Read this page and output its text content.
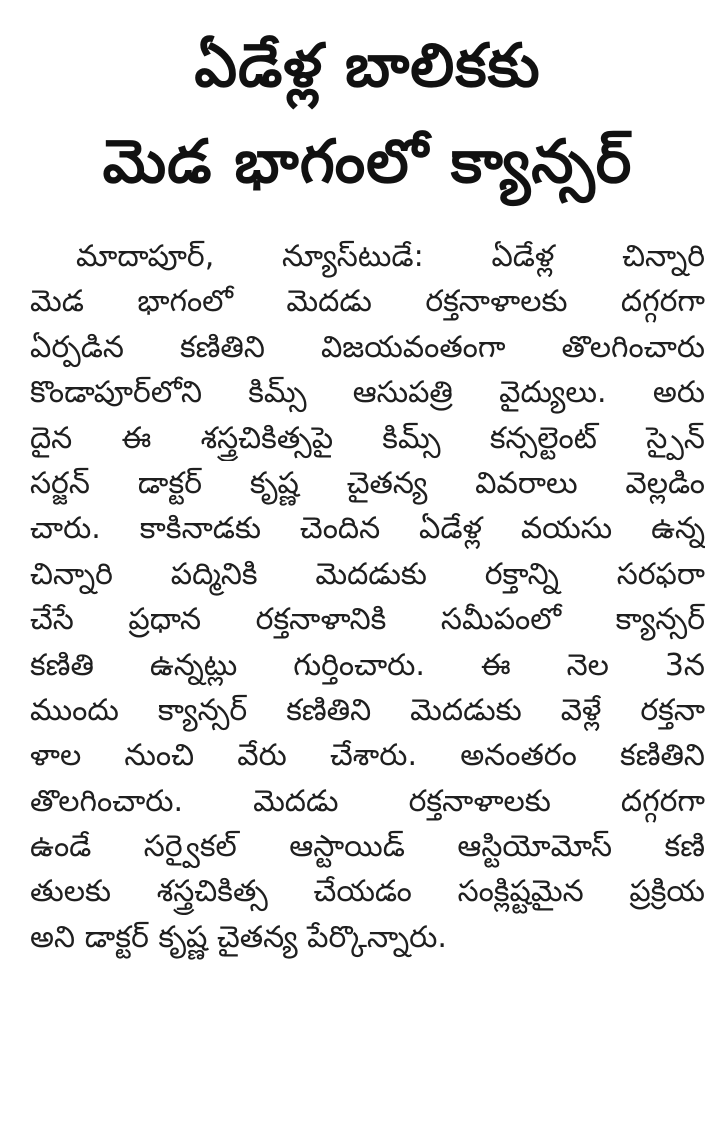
ఏడేళ్ల బాలికకు
మెడ భాగంలో క్యాన్సర్
మాదాపూర్, న్యూస్‌టుడే: ఏడేళ్ల చిన్నారి
మెడ భాగంలో మెదడు రక్తనాళాలకు దగ్గరగా
ఏర్పడిన కణితిని విజయవంతంగా తొలగించారు
కొండాపూర్‌లోని కిమ్స్ ఆసుపత్రి వైద్యులు. అరు
దైన ఈ శస్త్రచికిత్సపై కిమ్స్ కన్సల్టెంట్ స్పైన్
సర్జన్ డాక్టర్ కృష్ణ చైతన్య వివరాలు వెల్లడిం
చారు. కాకినాడకు చెందిన ఏడేళ్ల వయసు ఉన్న
చిన్నారి పద్మినికి మెదడుకు రక్తాన్ని సరఫరా
చేసే ప్రధాన రక్తనాళానికి సమీపంలో క్యాన్సర్
కణితి ఉన్నట్లు గుర్తించారు. ఈ నెల 3న
ముందు క్యాన్సర్ కణితిని మెదడుకు వెళ్లే రక్తనా
ళాల నుంచి వేరు చేశారు. అనంతరం కణితిని
తొలగించారు. మెదడు రక్తనాళాలకు దగ్గరగా
ఉండే సర్వైకల్ ఆస్టాయిడ్ ఆస్టియోమోస్ కణి
తులకు శస్త్రచికిత్స చేయడం సంక్లిష్టమైన ప్రక్రియ
అని డాక్టర్ కృష్ణ చైతన్య పేర్కొన్నారు.
